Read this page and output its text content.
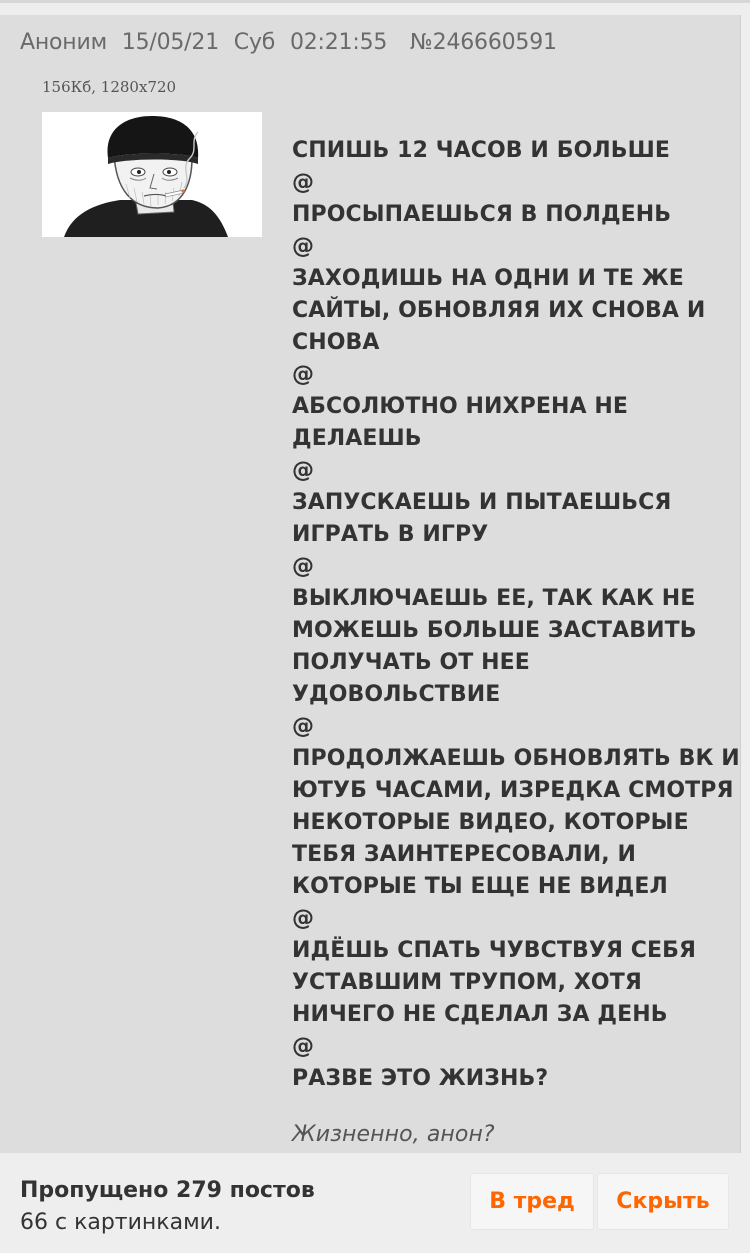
Аноним 15/05/21 Суб 02:21:55 №246660591
156Кб, 1280x720
СПИШЬ 12 ЧАСОВ И БОЛЬШЕ
@
ПРОСЫПАЕШЬСЯ В ПОЛДЕНЬ
@
ЗАХОДИШЬ НА ОДНИ И ТЕ ЖЕ
САЙТЫ, ОБНОВЛЯЯ ИХ СНОВА И
СНОВА
@
АБСОЛЮТНО НИХРЕНА НЕ
ДЕЛАЕШЬ
@
ЗАПУСКАЕШЬ И ПЫТАЕШЬСЯ
ИГРАТЬ В ИГРУ
@
ВЫКЛЮЧАЕШЬ ЕЕ, ТАК КАК НЕ
МОЖЕШЬ БОЛЬШЕ ЗАСТАВИТЬ
ПОЛУЧАТЬ ОТ НЕЕ
УДОВОЛЬСТВИЕ
@
ПРОДОЛЖАЕШЬ ОБНОВЛЯТЬ ВК И
ЮТУБ ЧАСАМИ, ИЗРЕДКА СМОТРЯ
НЕКОТОРЫЕ ВИДЕО, КОТОРЫЕ
ТЕБЯ ЗАИНТЕРЕСОВАЛИ, И
КОТОРЫЕ ТЫ ЕЩЕ НЕ ВИДЕЛ
@
ИДЁШЬ СПАТЬ ЧУВСТВУЯ СЕБЯ
УСТАВШИМ ТРУПОМ, ХОТЯ
НИЧЕГО НЕ СДЕЛАЛ ЗА ДЕНЬ
@
РАЗВЕ ЭТО ЖИЗНЬ?
Жизненно, анон?
Пропущено 279 постов
66 с картинками.
В тред	Скрыть
